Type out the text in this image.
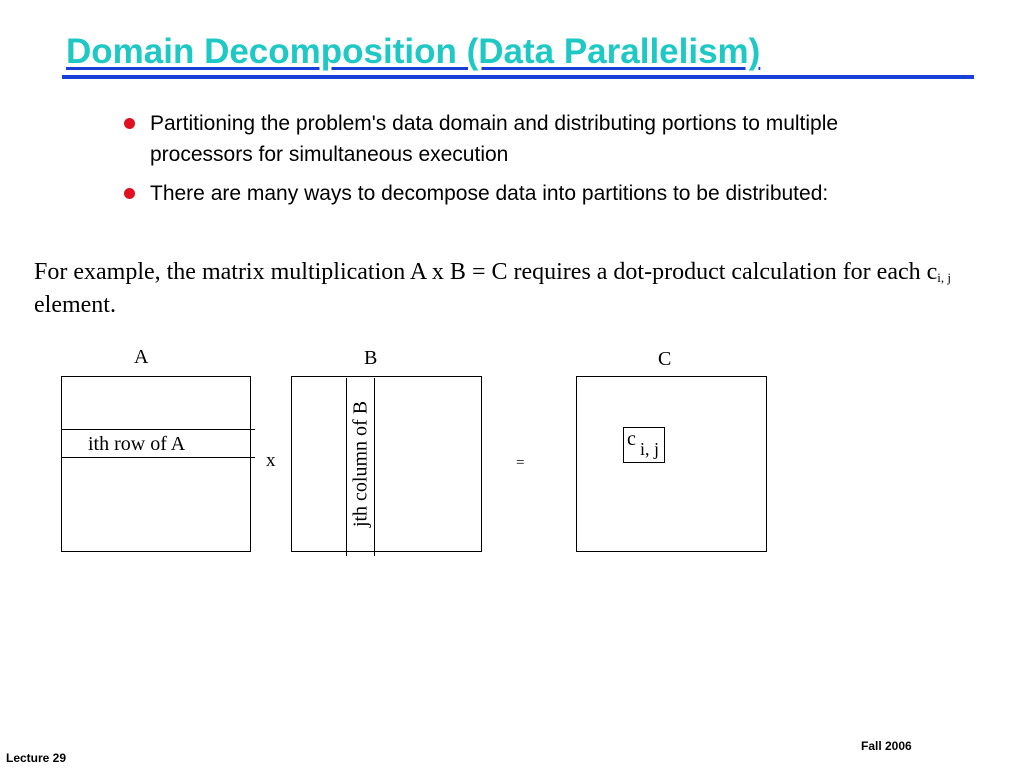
Domain Decomposition (Data Parallelism)
Partitioning the problem's data domain and distributing portions to multiple processors for simultaneous execution
There are many ways to decompose data into partitions to be distributed:
For example, the matrix multiplication A x B = C requires a dot-product calculation for each $c_{i, j}$ element.
A	B	C
ith row of A
x	jth column of B	=
c i, j
Lecture 29
Fall 2006
